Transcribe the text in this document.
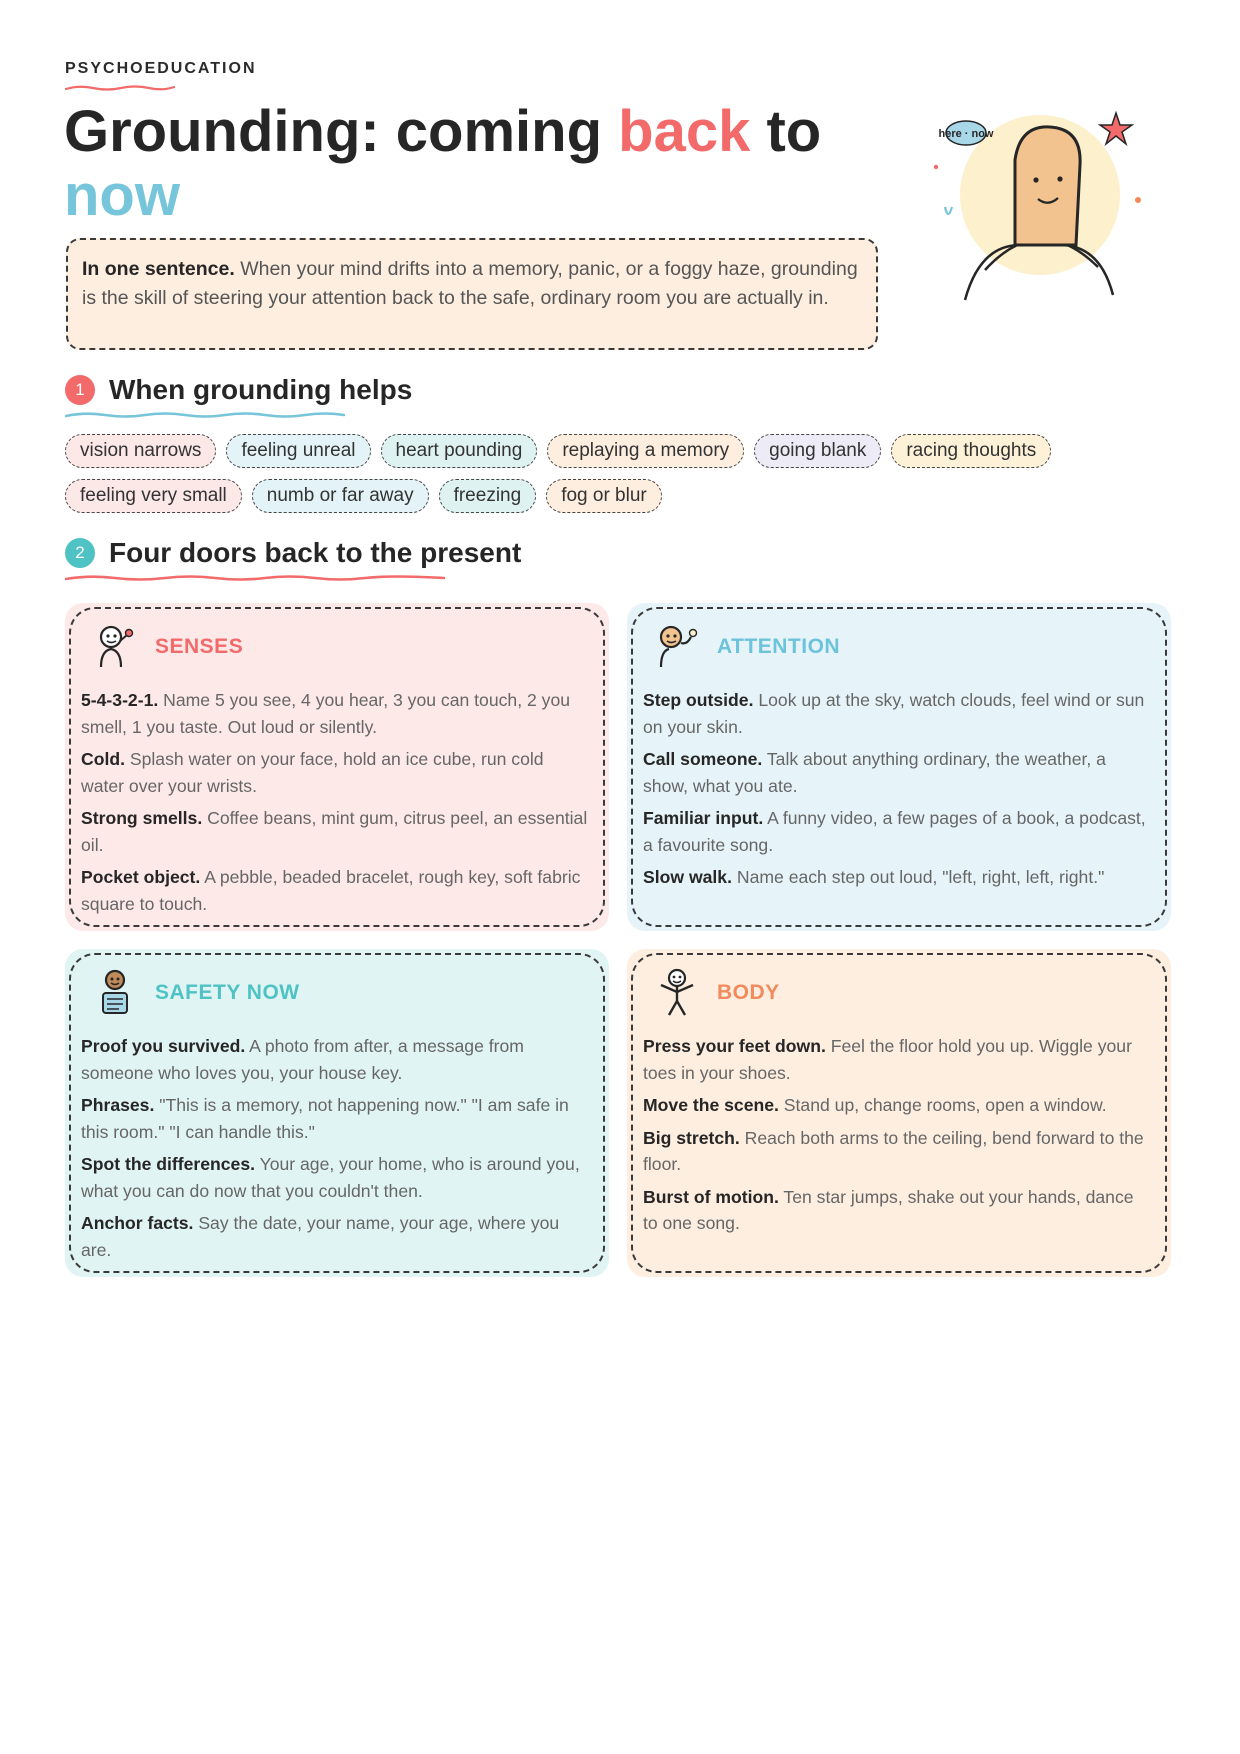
PSYCHOEDUCATION
Grounding: coming back to
now
here · now
In one sentence. When your mind drifts into a memory, panic, or a foggy haze, grounding is the skill of steering your attention back to the safe, ordinary room you are actually in.
1 When grounding helps
vision narrows	feeling unreal	heart pounding	replaying a memory	going blank	racing thoughts
feeling very small	numb or far away	freezing	fog or blur
2 Four doors back to the present
SENSES
5-4-3-2-1. Name 5 you see, 4 you hear, 3 you can touch, 2 you smell, 1 you taste. Out loud or silently.
Cold. Splash water on your face, hold an ice cube, run cold water over your wrists.
Strong smells. Coffee beans, mint gum, citrus peel, an essential oil.
Pocket object. A pebble, beaded bracelet, rough key, soft fabric square to touch.
ATTENTION
Step outside. Look up at the sky, watch clouds, feel wind or sun on your skin.
Call someone. Talk about anything ordinary, the weather, a show, what you ate.
Familiar input. A funny video, a few pages of a book, a podcast, a favourite song.
Slow walk. Name each step out loud, "left, right, left, right."
SAFETY NOW
Proof you survived. A photo from after, a message from someone who loves you, your house key.
Phrases. "This is a memory, not happening now." "I am safe in this room." "I can handle this."
Spot the differences. Your age, your home, who is around you, what you can do now that you couldn't then.
Anchor facts. Say the date, your name, your age, where you are.
BODY
Press your feet down. Feel the floor hold you up. Wiggle your toes in your shoes.
Move the scene. Stand up, change rooms, open a window.
Big stretch. Reach both arms to the ceiling, bend forward to the floor.
Burst of motion. Ten star jumps, shake out your hands, dance to one song.
